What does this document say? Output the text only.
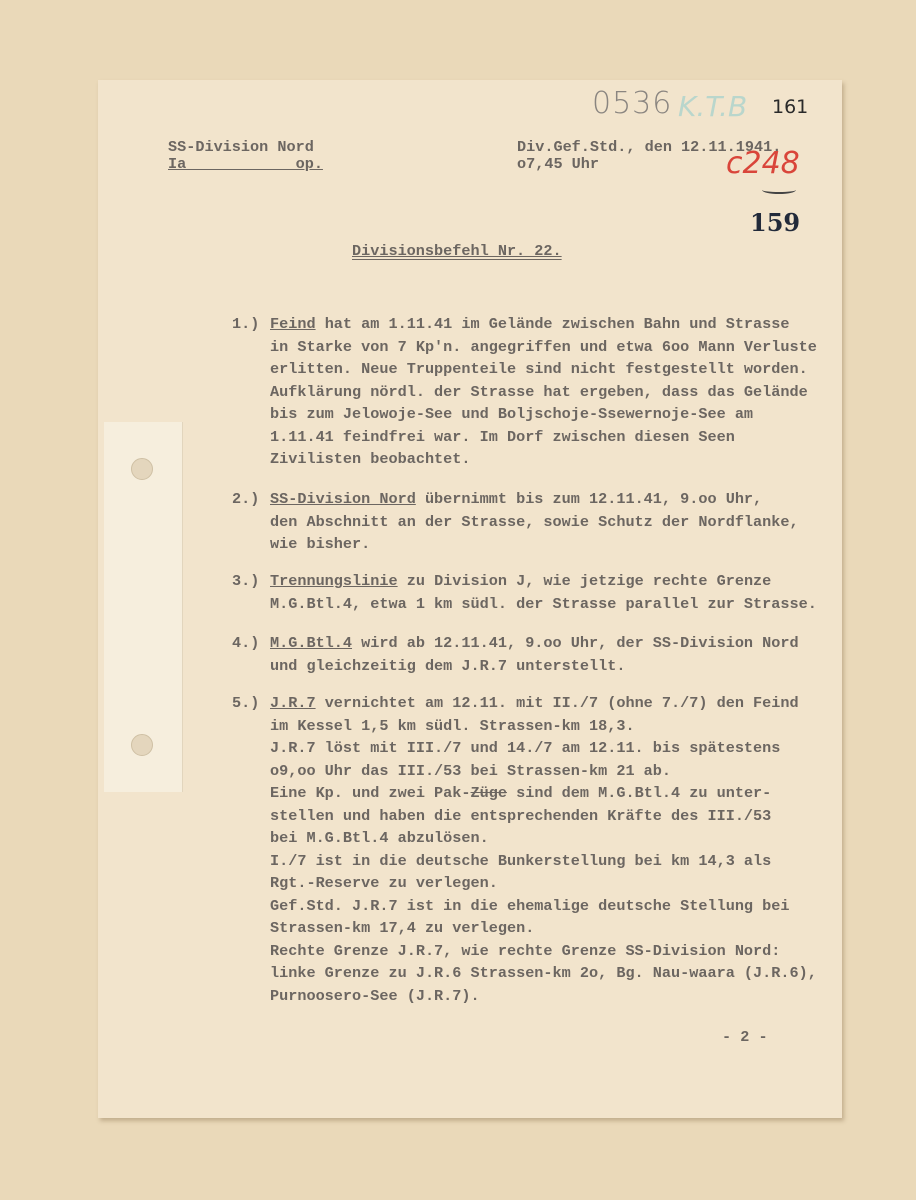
0536 K.T.B 161
c248
159
SS-Division Nord
Ia            op.
Div.Gef.Std., den 12.11.1941.
o7,45 Uhr
Divisionsbefehl Nr. 22.
1.) Feind hat am 1.11.41 im Gelände zwischen Bahn und Strasse
in Starke von 7 Kp'n. angegriffen und etwa 6oo Mann Verluste
erlitten. Neue Truppenteile sind nicht festgestellt worden.
Aufklärung nördl. der Strasse hat ergeben, dass das Gelände
bis zum Jelowoje-See und Boljschoje-Ssewernoje-See am
1.11.41 feindfrei war. Im Dorf zwischen diesen Seen
Zivilisten beobachtet.
2.) SS-Division Nord übernimmt bis zum 12.11.41, 9.oo Uhr,
den Abschnitt an der Strasse, sowie Schutz der Nordflanke,
wie bisher.
3.) Trennungslinie zu Division J, wie jetzige rechte Grenze
M.G.Btl.4, etwa 1 km südl. der Strasse parallel zur Strasse.
4.) M.G.Btl.4 wird ab 12.11.41, 9.oo Uhr, der SS-Division Nord
und gleichzeitig dem J.R.7 unterstellt.
5.) J.R.7 vernichtet am 12.11. mit II./7 (ohne 7./7) den Feind
im Kessel 1,5 km südl. Strassen-km 18,3.
J.R.7 löst mit III./7 und 14./7 am 12.11. bis spätestens
o9,oo Uhr das III./53 bei Strassen-km 21 ab.
Eine Kp. und zwei Pak-Züge sind dem M.G.Btl.4 zu unter-
stellen und haben die entsprechenden Kräfte des III./53
bei M.G.Btl.4 abzulösen.
I./7 ist in die deutsche Bunkerstellung bei km 14,3 als
Rgt.-Reserve zu verlegen.
Gef.Std. J.R.7 ist in die ehemalige deutsche Stellung bei
Strassen-km 17,4 zu verlegen.
Rechte Grenze J.R.7, wie rechte Grenze SS-Division Nord:
linke Grenze zu J.R.6 Strassen-km 2o, Bg. Nau-waara (J.R.6),
Purnoosero-See (J.R.7).
- 2 -
